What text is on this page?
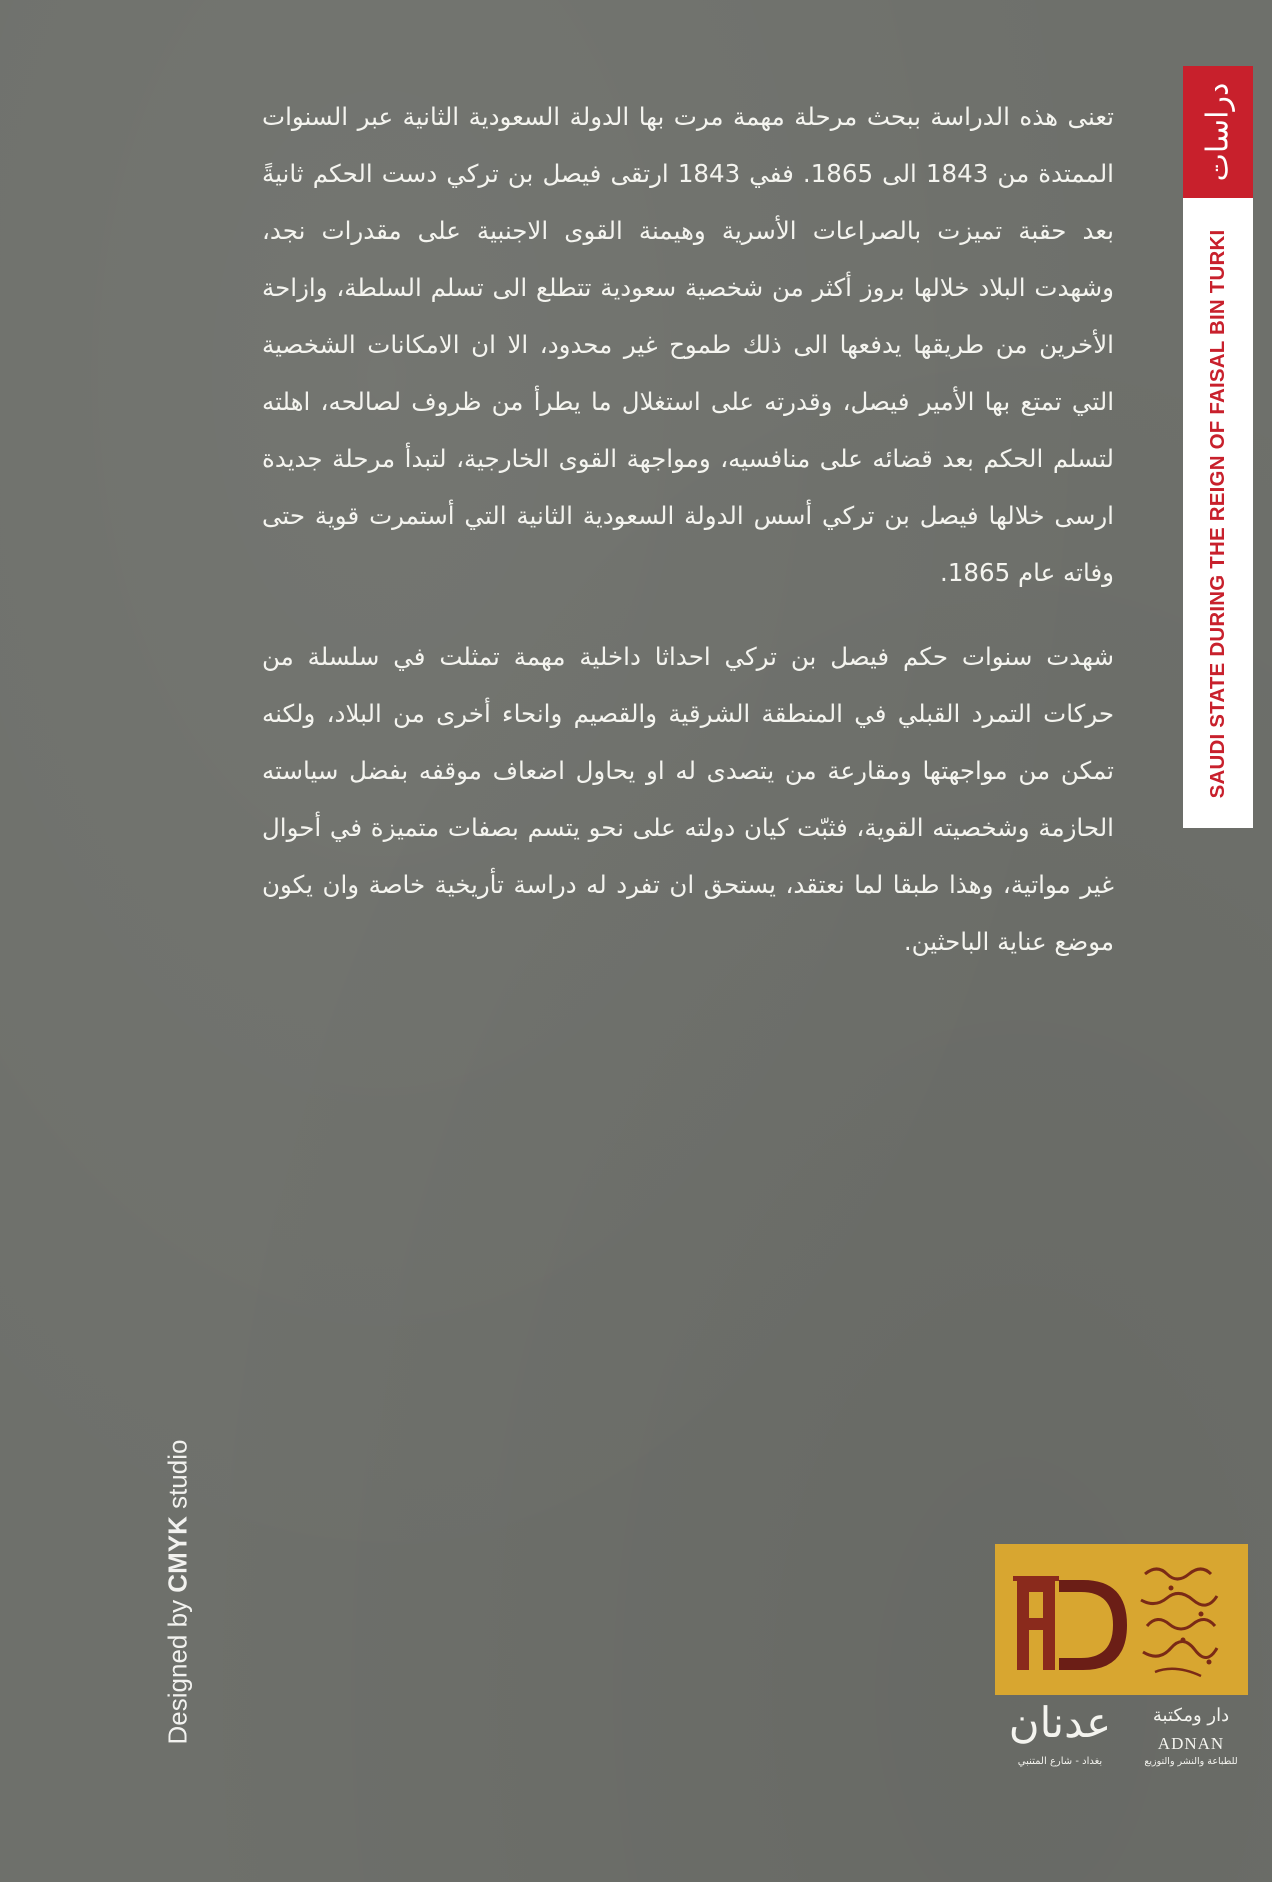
تعنى هذه الدراسة ببحث مرحلة مهمة مرت بها الدولة السعودية الثانية عبر السنوات الممتدة من 1843 الى 1865. ففي 1843 ارتقى فيصل بن تركي دست الحكم ثانيةً بعد حقبة تميزت بالصراعات الأسرية وهيمنة القوى الاجنبية على مقدرات نجد، وشهدت البلاد خلالها بروز أكثر من شخصية سعودية تتطلع الى تسلم السلطة، وازاحة الأخرين من طريقها يدفعها الى ذلك طموح غير محدود، الا ان الامكانات الشخصية التي تمتع بها الأمير فيصل، وقدرته على استغلال ما يطرأ من ظروف لصالحه، اهلته لتسلم الحكم بعد قضائه على منافسيه، ومواجهة القوى الخارجية، لتبدأ مرحلة جديدة ارسى خلالها فيصل بن تركي أسس الدولة السعودية الثانية التي أستمرت قوية حتى وفاته عام 1865.

شهدت سنوات حكم فيصل بن تركي احداثا داخلية مهمة تمثلت في سلسلة من حركات التمرد القبلي في المنطقة الشرقية والقصيم وانحاء أخرى من البلاد، ولكنه تمكن من مواجهتها ومقارعة من يتصدى له او يحاول اضعاف موقفه بفضل سياسته الحازمة وشخصيته القوية، فثبّت كيان دولته على نحو يتسم بصفات متميزة في أحوال غير مواتية، وهذا طبقا لما نعتقد، يستحق ان تفرد له دراسة تأريخية خاصة وان يكون موضع عناية الباحثين.

دراسات
SAUDI STATE DURING THE REIGN OF FAISAL BIN TURKI
Designed by CMYK studio
عدنان
بغداد - شارع المتنبي
دار ومكتبة
ADNAN
للطباعة والنشر والتوزيع
